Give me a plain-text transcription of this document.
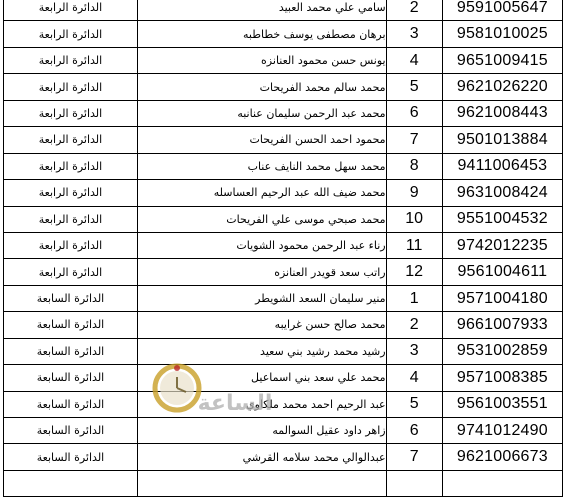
الدائرة الرابعة	سامي علي محمد العبيد	2	9591005647
الدائرة الرابعة	برهان مصطفى يوسف خطاطبه	3	9581010025
الدائرة الرابعة	يونس حسن محمود العنانزه	4	9651009415
الدائرة الرابعة	محمد سالم محمد الفريحات	5	9621026220
الدائرة الرابعة	محمد عبد الرحمن سليمان عنانبه	6	9621008443
الدائرة الرابعة	محمود احمد الحسن الفريحات	7	9501013884
الدائرة الرابعة	محمد سهل محمد النايف عناب	8	9411006453
الدائرة الرابعة	محمد ضيف الله عبد الرحيم العساسله	9	9631008424
الدائرة الرابعة	محمد صبحي موسى علي الفريحات	10	9551004532
الدائرة الرابعة	رناء عبد الرحمن محمود الشويات	11	9742012235
الدائرة الرابعة	راتب سعد قويدر العنانزه	12	9561004611
الدائرة السابعة	منير سليمان السعد الشويطر	1	9571004180
الدائرة السابعة	محمد صالح حسن غرايبه	2	9661007933
الدائرة السابعة	رشيد محمد رشيد بني سعيد	3	9531002859
الدائرة السابعة	محمد علي سعد بني اسماعيل	4	9571008385
الدائرة السابعة	عبد الرحيم احمد محمد ملكاوي	5	9561003551
الدائرة السابعة	زاهر داود عقيل السوالمه	6	9741012490
الدائرة السابعة	عبدالوالي محمد سلامه القرشي	7	9621006673

الساعة
